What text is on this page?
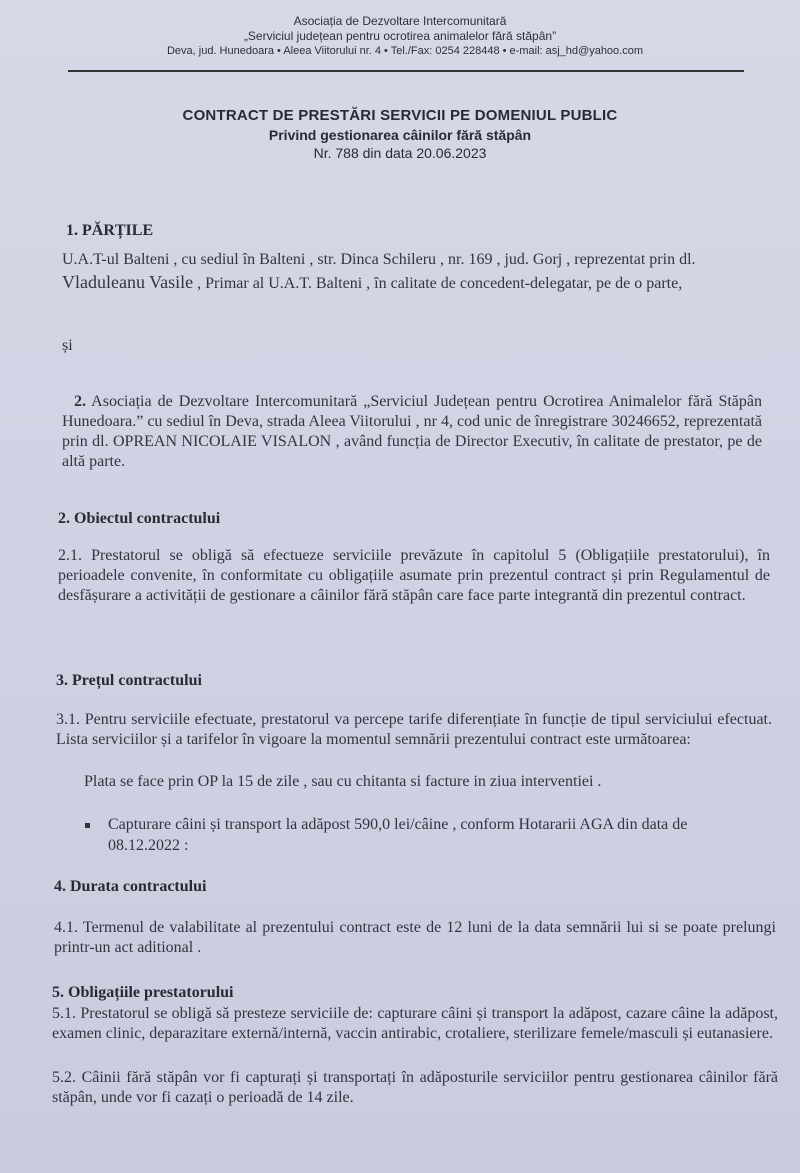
Asociația de Dezvoltare Intercomunitară
„Serviciul județean pentru ocrotirea animalelor fără stăpân”
Deva, jud. Hunedoara • Aleea Viitorului nr. 4 • Tel./Fax: 0254 228448 • e-mail: asj_hd@yahoo.com
CONTRACT DE PRESTĂRI SERVICII PE DOMENIUL PUBLIC
Privind gestionarea câinilor fără stăpân
Nr. 788 din data 20.06.2023
1. PĂRȚILE
U.A.T-ul Balteni , cu sediul în Balteni , str. Dinca Schileru , nr. 169 , jud. Gorj , reprezentat prin dl.
Vladuleanu Vasile , Primar al U.A.T. Balteni , în calitate de concedent-delegatar, pe de o parte,
și
2. Asociația de Dezvoltare Intercomunitară „Serviciul Județean pentru Ocrotirea Animalelor fără Stăpân Hunedoara.” cu sediul în Deva, strada Aleea Viitorului , nr 4, cod unic de înregistrare 30246652, reprezentată prin dl. OPREAN NICOLAIE VISALON , având funcția de Director Executiv, în calitate de prestator, pe de altă parte.
2. Obiectul contractului
2.1. Prestatorul se obligă să efectueze serviciile prevăzute în capitolul 5 (Obligațiile prestatorului), în perioadele convenite, în conformitate cu obligațiile asumate prin prezentul contract și prin Regulamentul de desfășurare a activității de gestionare a câinilor fără stăpân care face parte integrantă din prezentul contract.
3. Prețul contractului
3.1. Pentru serviciile efectuate, prestatorul va percepe tarife diferențiate în funcție de tipul serviciului efectuat. Lista serviciilor și a tarifelor în vigoare la momentul semnării prezentului contract este următoarea:
Plata se face prin OP la 15 de zile , sau cu chitanta si facture in ziua interventiei .
Capturare câini și transport la adăpost 590,0 lei/câine , conform Hotararii AGA din data de
08.12.2022 :
4. Durata contractului
4.1. Termenul de valabilitate al prezentului contract este de 12 luni de la data semnării lui si se poate prelungi printr-un act aditional .
5. Obligațiile prestatorului
5.1. Prestatorul se obligă să presteze serviciile de: capturare câini și transport la adăpost, cazare câine la adăpost, examen clinic, deparazitare externă/internă, vaccin antirabic, crotaliere, sterilizare femele/masculi și eutanasiere.
5.2. Câinii fără stăpân vor fi capturați și transportați în adăposturile serviciilor pentru gestionarea câinilor fără stăpân, unde vor fi cazați o perioadă de 14 zile.
